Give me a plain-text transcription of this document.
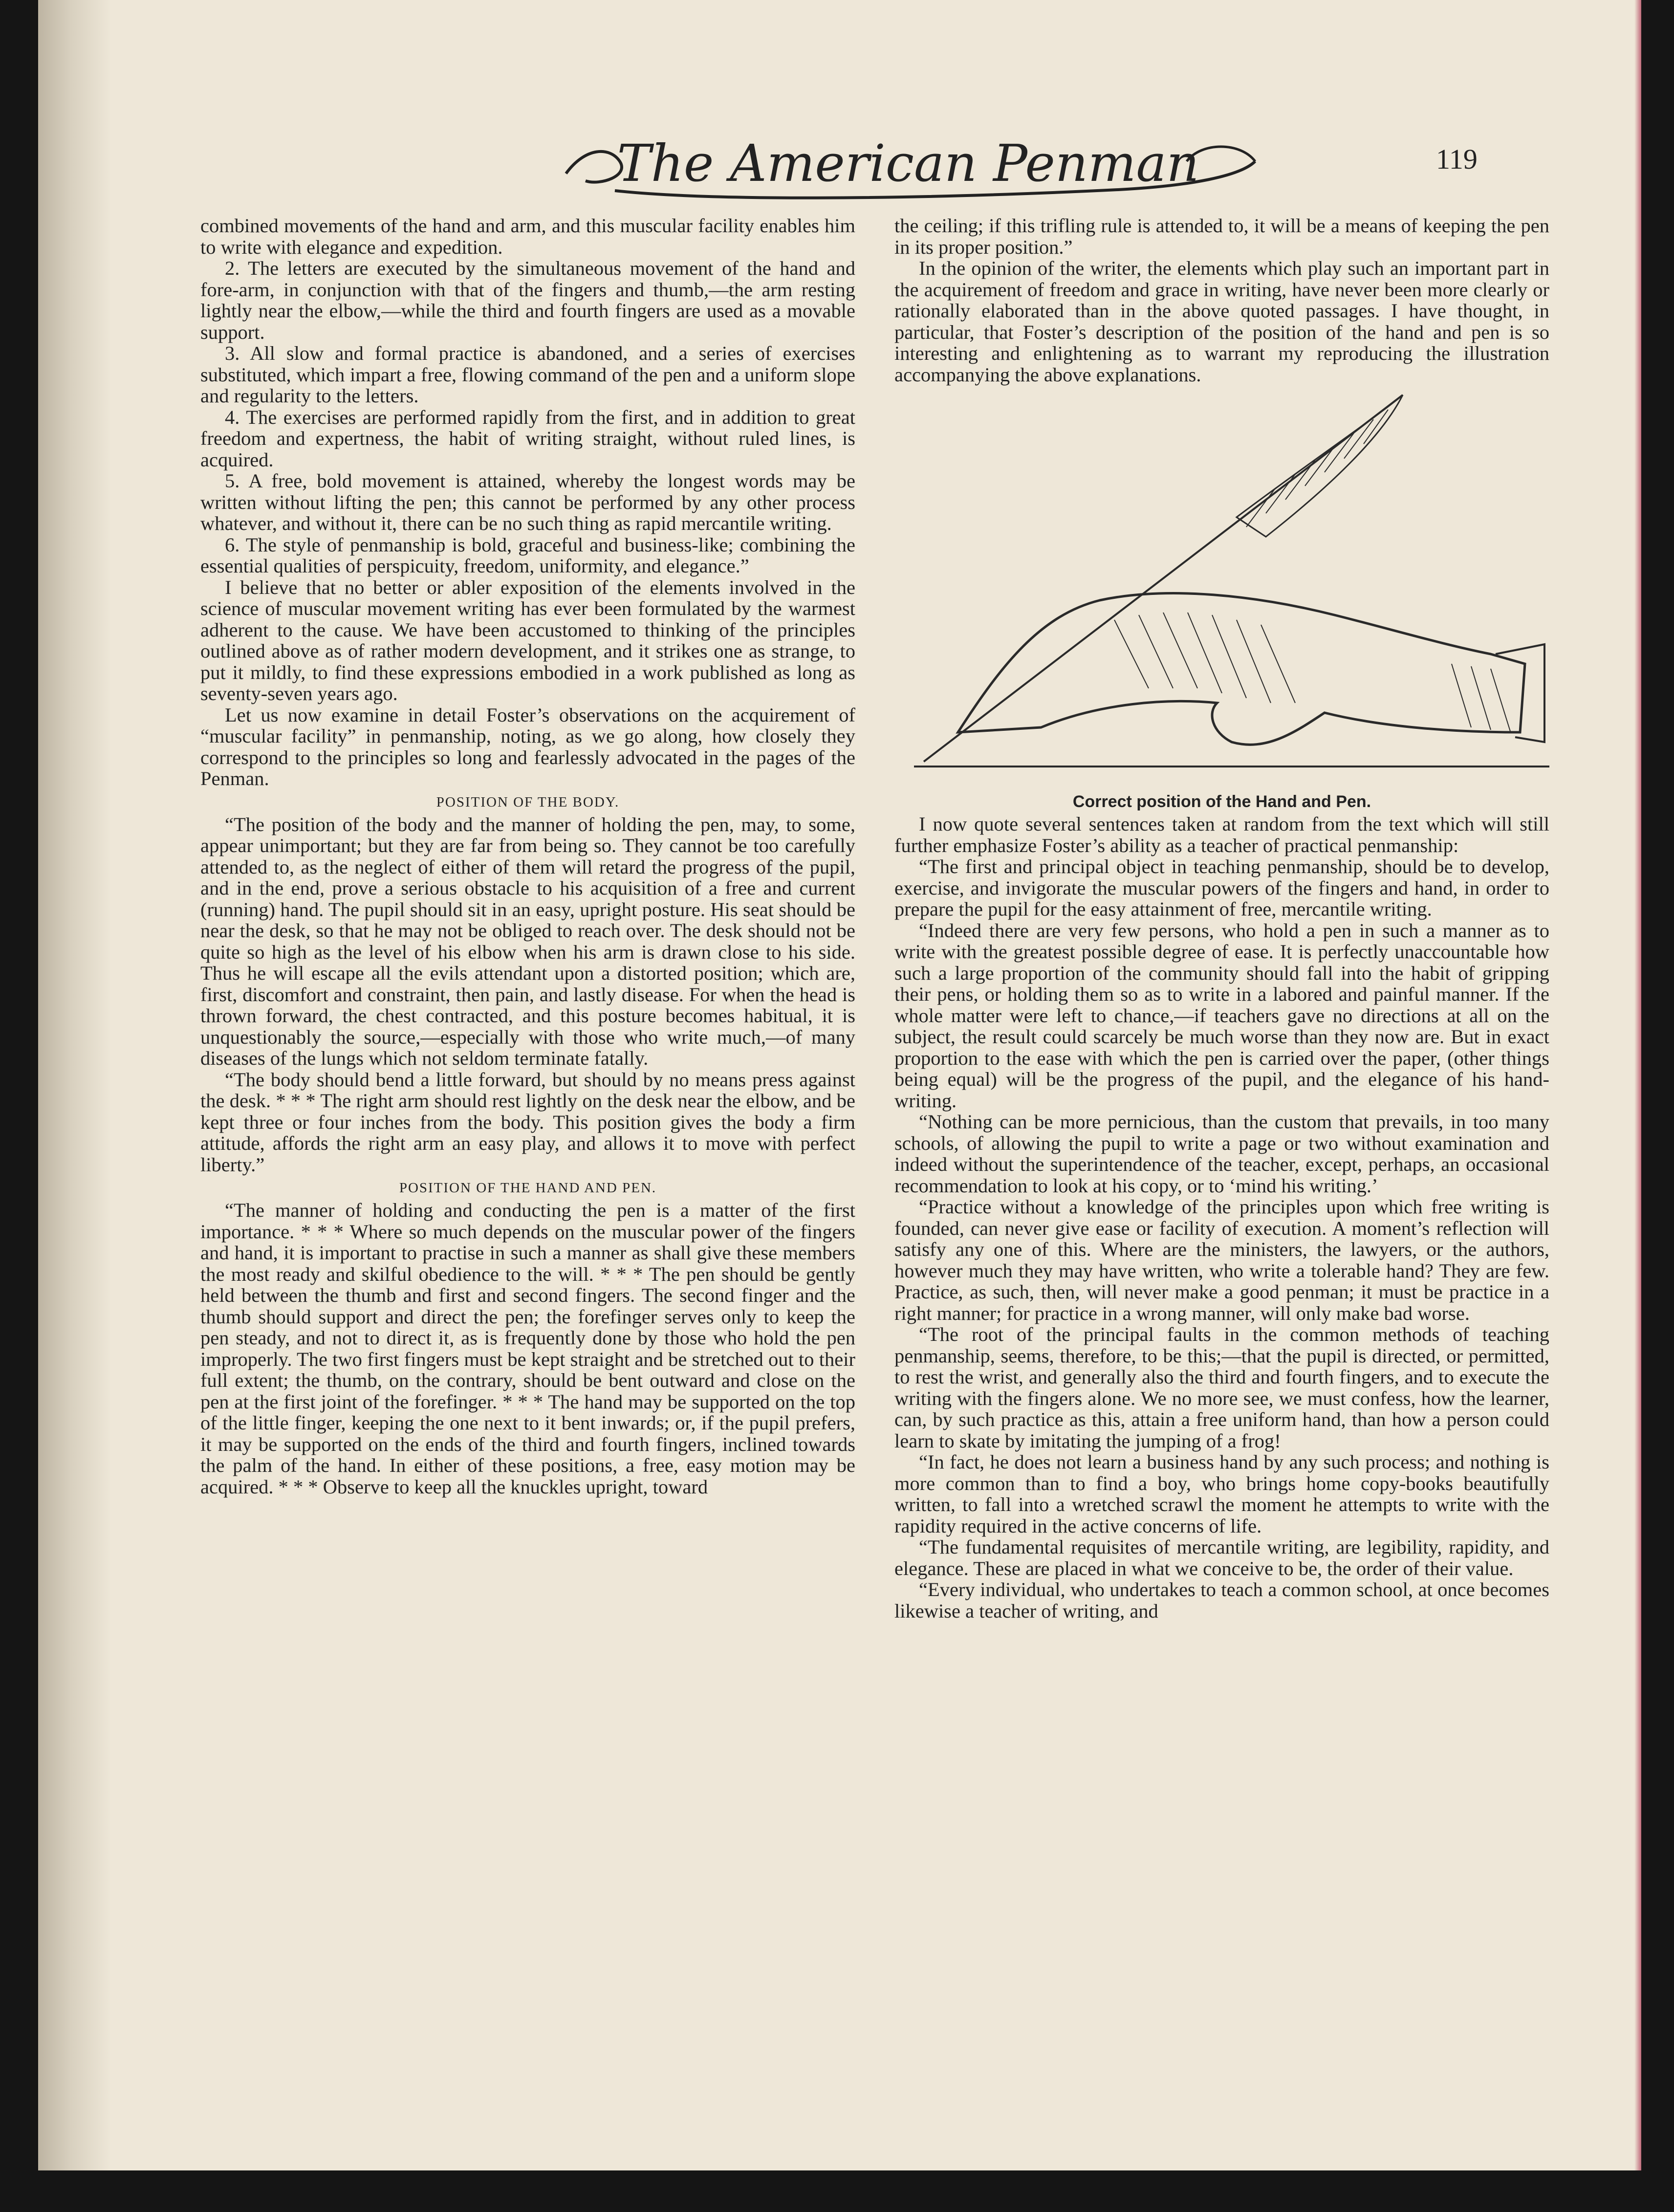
The American Penman	119

combined movements of the hand and arm, and this muscular facility enables him to write with elegance and expedition.

2. The letters are executed by the simultaneous movement of the hand and fore-arm, in conjunction with that of the fingers and thumb,—the arm resting lightly near the elbow,—while the third and fourth fingers are used as a movable support.

3. All slow and formal practice is abandoned, and a series of exercises substituted, which impart a free, flowing command of the pen and a uniform slope and regularity to the letters.

4. The exercises are performed rapidly from the first, and in addition to great freedom and expertness, the habit of writing straight, without ruled lines, is acquired.

5. A free, bold movement is attained, whereby the longest words may be written without lifting the pen; this cannot be performed by any other process whatever, and without it, there can be no such thing as rapid mercantile writing.

6. The style of penmanship is bold, graceful and business-like; combining the essential qualities of perspicuity, freedom, uniformity, and elegance.”

I believe that no better or abler exposition of the elements involved in the science of muscular movement writing has ever been formulated by the warmest adherent to the cause. We have been accustomed to thinking of the principles outlined above as of rather modern development, and it strikes one as strange, to put it mildly, to find these expressions embodied in a work published as long as seventy-seven years ago.

Let us now examine in detail Foster’s observations on the acquirement of “muscular facility” in penmanship, noting, as we go along, how closely they correspond to the principles so long and fearlessly advocated in the pages of the Penman.

POSITION OF THE BODY.

“The position of the body and the manner of holding the pen, may, to some, appear unimportant; but they are far from being so. They cannot be too carefully attended to, as the neglect of either of them will retard the progress of the pupil, and in the end, prove a serious obstacle to his acquisition of a free and current (running) hand. The pupil should sit in an easy, upright posture. His seat should be near the desk, so that he may not be obliged to reach over. The desk should not be quite so high as the level of his elbow when his arm is drawn close to his side. Thus he will escape all the evils attendant upon a distorted position; which are, first, discomfort and constraint, then pain, and lastly disease. For when the head is thrown forward, the chest contracted, and this posture becomes habitual, it is unquestionably the source,—especially with those who write much,—of many diseases of the lungs which not seldom terminate fatally.

“The body should bend a little forward, but should by no means press against the desk. * * * The right arm should rest lightly on the desk near the elbow, and be kept three or four inches from the body. This position gives the body a firm attitude, affords the right arm an easy play, and allows it to move with perfect liberty.”

POSITION OF THE HAND AND PEN.

“The manner of holding and conducting the pen is a matter of the first importance. * * * Where so much depends on the muscular power of the fingers and hand, it is important to practise in such a manner as shall give these members the most ready and skilful obedience to the will. * * * The pen should be gently held between the thumb and first and second fingers. The second finger and the thumb should support and direct the pen; the forefinger serves only to keep the pen steady, and not to direct it, as is frequently done by those who hold the pen improperly. The two first fingers must be kept straight and be stretched out to their full extent; the thumb, on the contrary, should be bent outward and close on the pen at the first joint of the forefinger. * * * The hand may be supported on the top of the little finger, keeping the one next to it bent inwards; or, if the pupil prefers, it may be supported on the ends of the third and fourth fingers, inclined towards the palm of the hand. In either of these positions, a free, easy motion may be acquired. * * * Observe to keep all the knuckles upright, toward

the ceiling; if this trifling rule is attended to, it will be a means of keeping the pen in its proper position.”

In the opinion of the writer, the elements which play such an important part in the acquirement of freedom and grace in writing, have never been more clearly or rationally elaborated than in the above quoted passages. I have thought, in particular, that Foster’s description of the position of the hand and pen is so interesting and enlightening as to warrant my reproducing the illustration accompanying the above explanations.

Correct position of the Hand and Pen.

I now quote several sentences taken at random from the text which will still further emphasize Foster’s ability as a teacher of practical penmanship:

“The first and principal object in teaching penmanship, should be to develop, exercise, and invigorate the muscular powers of the fingers and hand, in order to prepare the pupil for the easy attainment of free, mercantile writing.

“Indeed there are very few persons, who hold a pen in such a manner as to write with the greatest possible degree of ease. It is perfectly unaccountable how such a large proportion of the community should fall into the habit of gripping their pens, or holding them so as to write in a labored and painful manner. If the whole matter were left to chance,—if teachers gave no directions at all on the subject, the result could scarcely be much worse than they now are. But in exact proportion to the ease with which the pen is carried over the paper, (other things being equal) will be the progress of the pupil, and the elegance of his hand-writing.

“Nothing can be more pernicious, than the custom that prevails, in too many schools, of allowing the pupil to write a page or two without examination and indeed without the superintendence of the teacher, except, perhaps, an occasional recommendation to look at his copy, or to ‘mind his writing.’

“Practice without a knowledge of the principles upon which free writing is founded, can never give ease or facility of execution. A moment’s reflection will satisfy any one of this. Where are the ministers, the lawyers, or the authors, however much they may have written, who write a tolerable hand? They are few. Practice, as such, then, will never make a good penman; it must be practice in a right manner; for practice in a wrong manner, will only make bad worse.

“The root of the principal faults in the common methods of teaching penmanship, seems, therefore, to be this;—that the pupil is directed, or permitted, to rest the wrist, and generally also the third and fourth fingers, and to execute the writing with the fingers alone. We no more see, we must confess, how the learner, can, by such practice as this, attain a free uniform hand, than how a person could learn to skate by imitating the jumping of a frog!

“In fact, he does not learn a business hand by any such process; and nothing is more common than to find a boy, who brings home copy-books beautifully written, to fall into a wretched scrawl the moment he attempts to write with the rapidity required in the active concerns of life.

“The fundamental requisites of mercantile writing, are legibility, rapidity, and elegance. These are placed in what we conceive to be, the order of their value.

“Every individual, who undertakes to teach a common school, at once becomes likewise a teacher of writing, and
